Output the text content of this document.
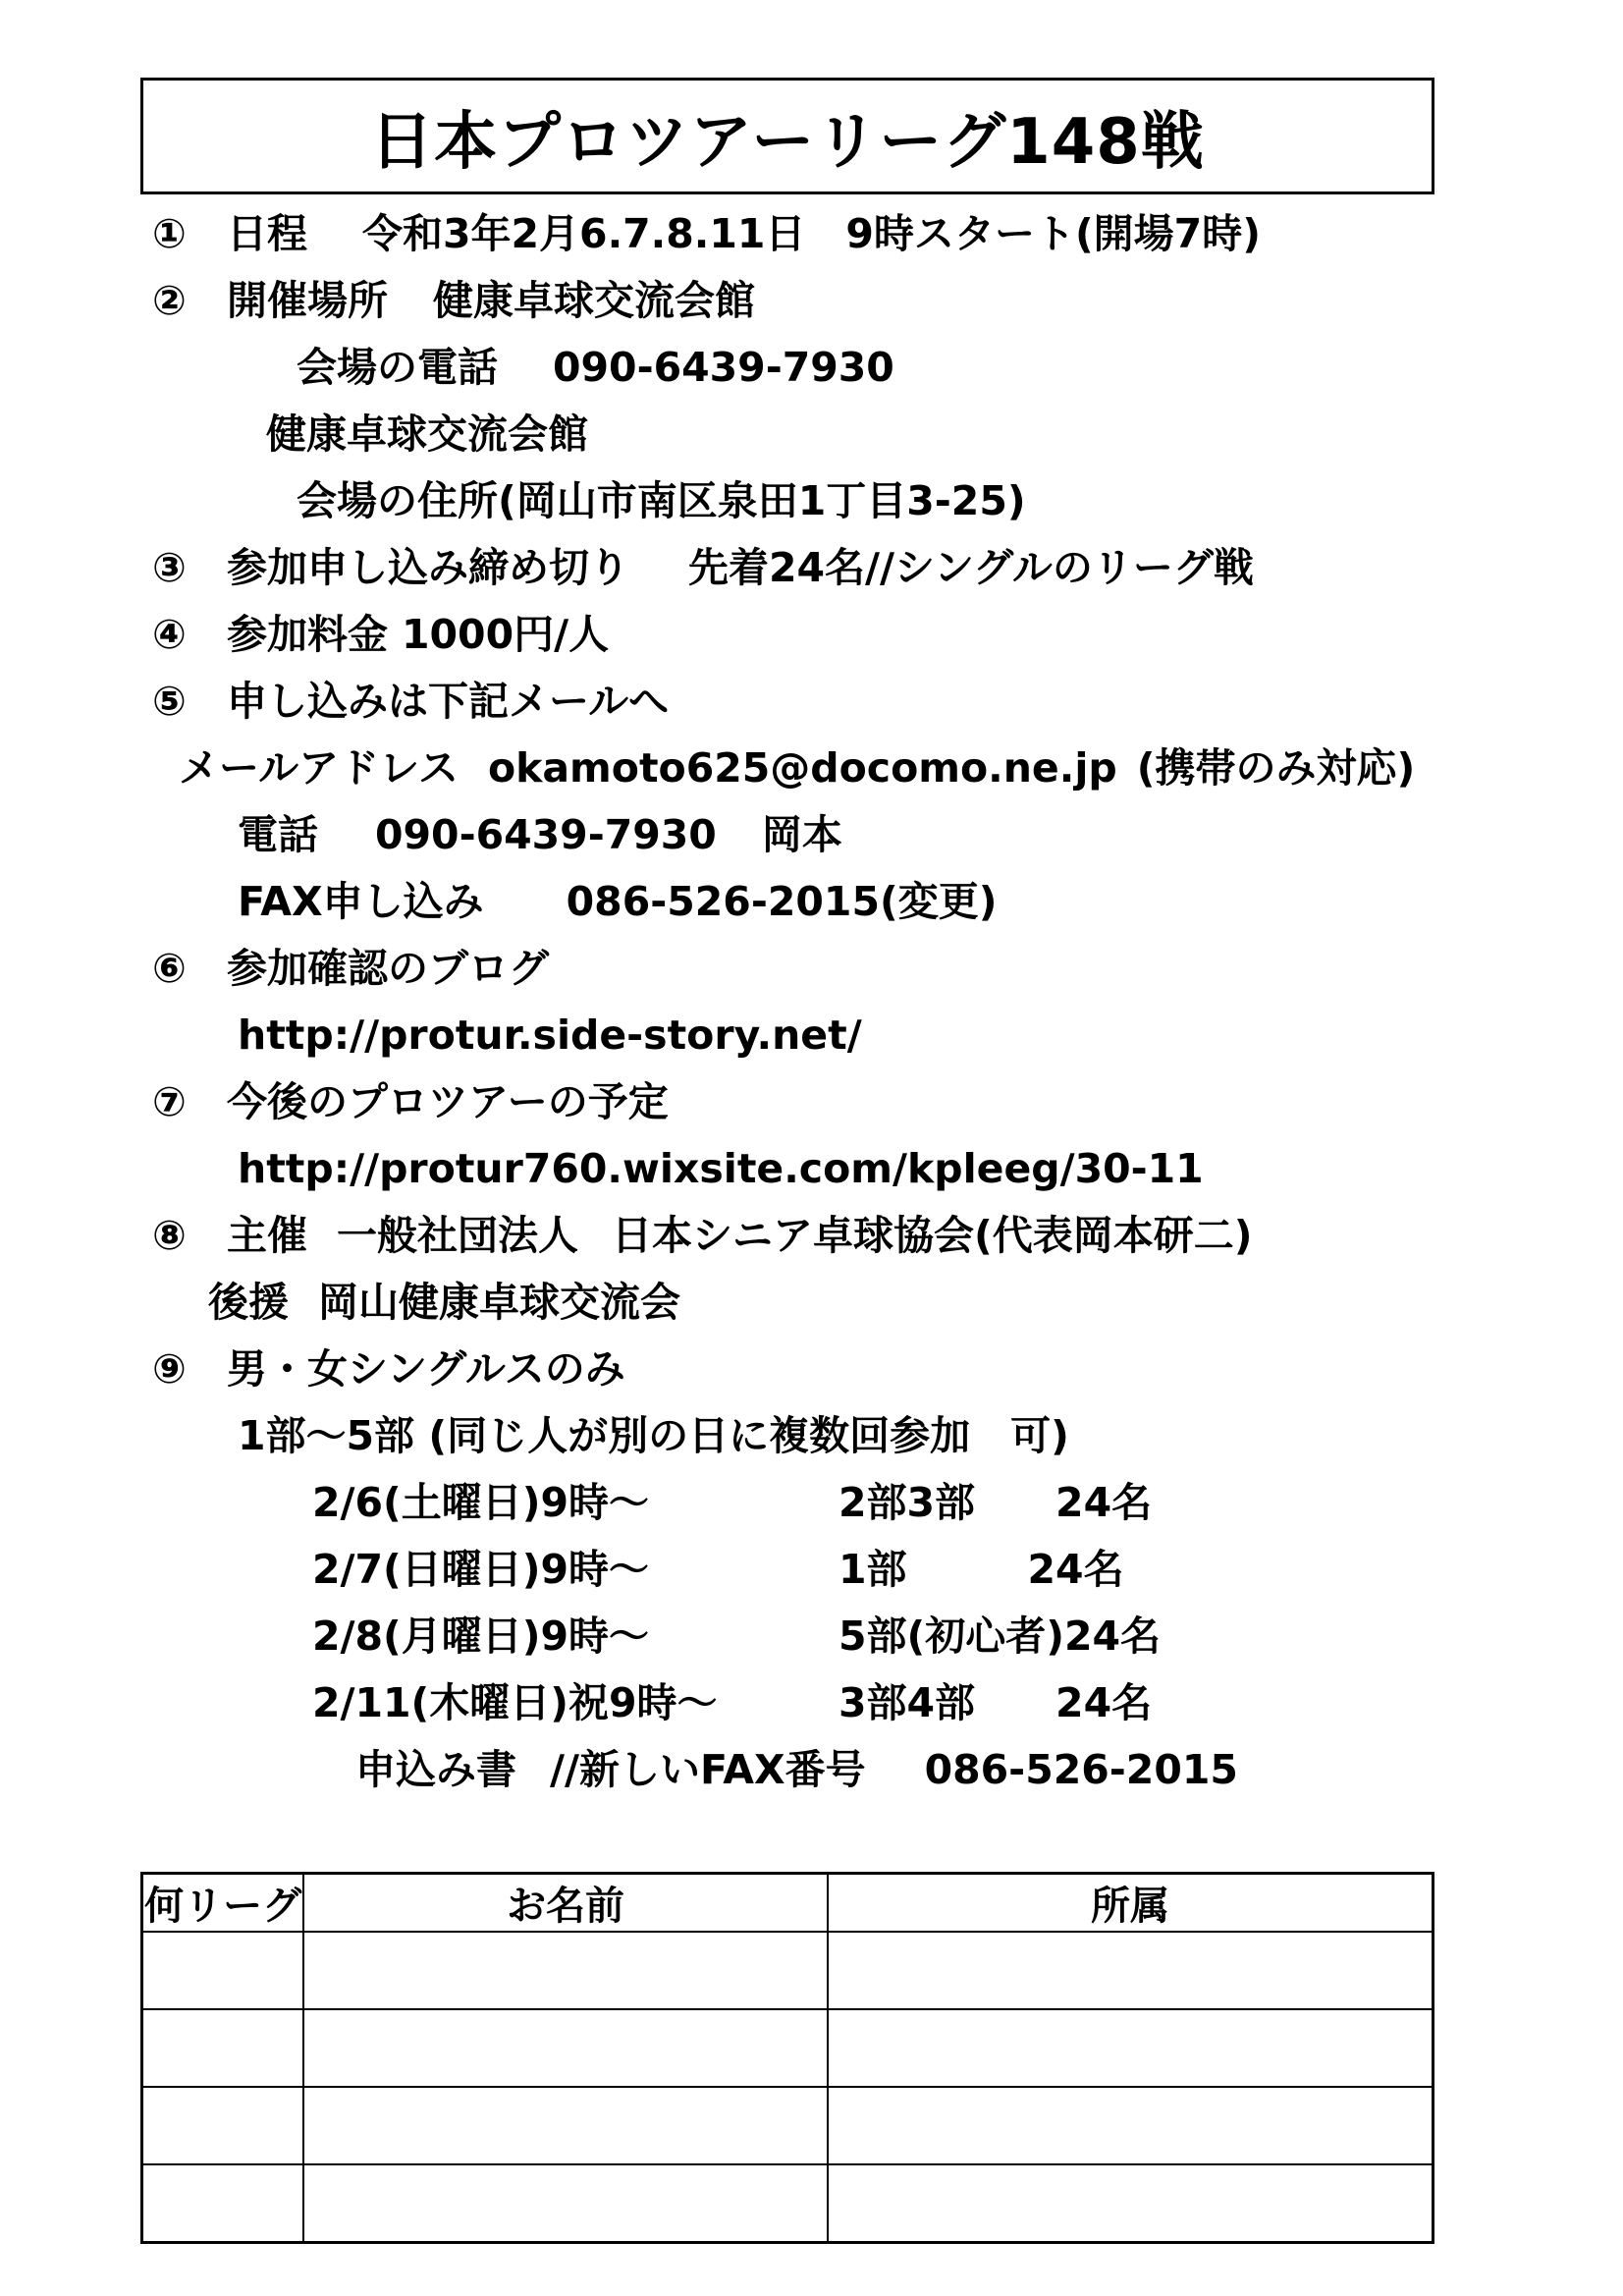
日本プロツアーリーグ148戦
① 日程 令和3年2月6.7.8.11日　9時スタート(開場7時)
② 開催場所 健康卓球交流会館
会場の電話 090-6439-7930
健康卓球交流会館
会場の住所(岡山市南区泉田1丁目3-25)
③ 参加申し込み締め切り 先着24名//シングルのリーグ戦
④ 参加料金 1000円/人
⑤ 申し込みは下記メールへ
メールアドレス okamoto625@docomo.ne.jp (携帯のみ対応)
電話 090-6439-7930 岡本
FAX申し込み 086-526-2015(変更)
⑥ 参加確認のブログ
http://protur.side-story.net/
⑦ 今後のプロツアーの予定
http://protur760.wixsite.com/kpleeg/30-11
⑧ 主催 一般社団法人 日本シニア卓球協会(代表岡本研二)
後援 岡山健康卓球交流会
⑨ 男・女シングルスのみ
1部〜5部 (同じ人が別の日に複数回参加　可)
2/6(土曜日)9時〜	2部3部　　24名
2/7(日曜日)9時〜	1部　　　24名
2/8(月曜日)9時〜	5部(初心者)24名
2/11(木曜日)祝9時〜	3部4部　　24名
申込み書 //新しいFAX番号 086-526-2015
何リーグ	お名前	所属
